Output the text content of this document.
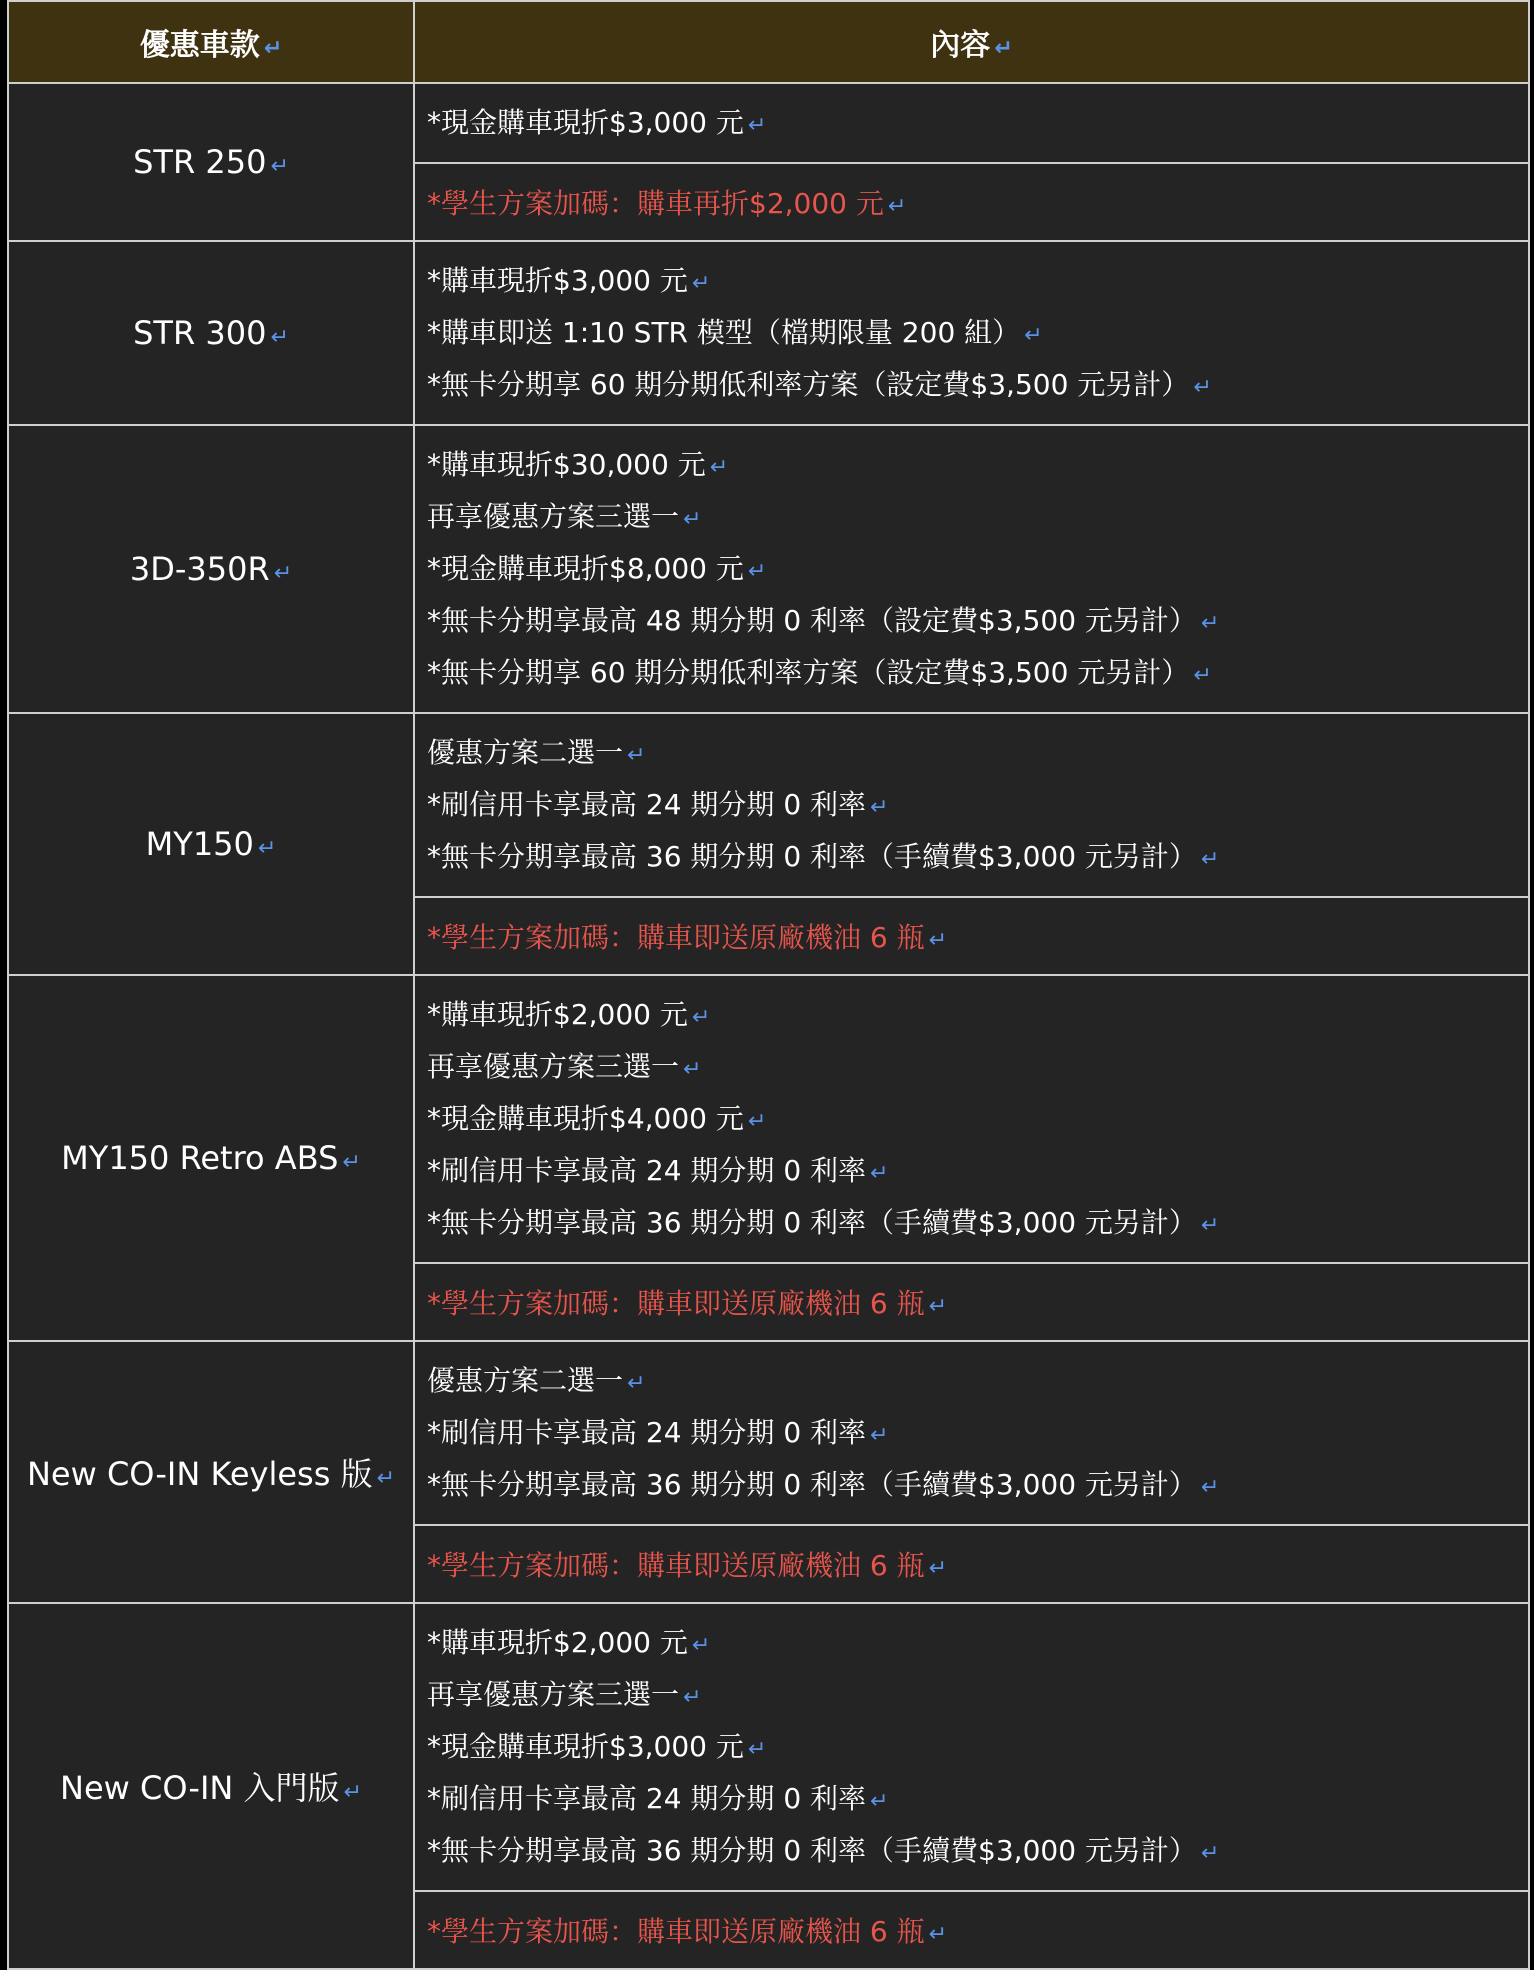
優惠車款 ↵	內容 ↵
STR 250 ↵	*現金購車現折$3,000 元 ↵

	*學生方案加碼：購車再折$2,000 元 ↵
STR 300 ↵	*購車現折$3,000 元 ↵
*購車即送 1:10 STR 模型（檔期限量 200 組） ↵
*無卡分期享 60 期分期低利率方案（設定費$3,500 元另計） ↵

3D-350R ↵	*購車現折$30,000 元 ↵
再享優惠方案三選一 ↵
*現金購車現折$8,000 元 ↵
*無卡分期享最高 48 期分期 0 利率（設定費$3,500 元另計） ↵
*無卡分期享 60 期分期低利率方案（設定費$3,500 元另計） ↵

MY150 ↵	優惠方案二選一 ↵
*刷信用卡享最高 24 期分期 0 利率 ↵
*無卡分期享最高 36 期分期 0 利率（手續費$3,000 元另計） ↵

	*學生方案加碼：購車即送原廠機油 6 瓶 ↵
MY150 Retro ABS ↵	*購車現折$2,000 元 ↵
再享優惠方案三選一 ↵
*現金購車現折$4,000 元 ↵
*刷信用卡享最高 24 期分期 0 利率 ↵
*無卡分期享最高 36 期分期 0 利率（手續費$3,000 元另計） ↵

	*學生方案加碼：購車即送原廠機油 6 瓶 ↵
New CO-IN Keyless 版 ↵	優惠方案二選一 ↵
*刷信用卡享最高 24 期分期 0 利率 ↵
*無卡分期享最高 36 期分期 0 利率（手續費$3,000 元另計） ↵

	*學生方案加碼：購車即送原廠機油 6 瓶 ↵
New CO-IN 入門版 ↵	*購車現折$2,000 元 ↵
再享優惠方案三選一 ↵
*現金購車現折$3,000 元 ↵
*刷信用卡享最高 24 期分期 0 利率 ↵
*無卡分期享最高 36 期分期 0 利率（手續費$3,000 元另計） ↵

	*學生方案加碼：購車即送原廠機油 6 瓶 ↵
